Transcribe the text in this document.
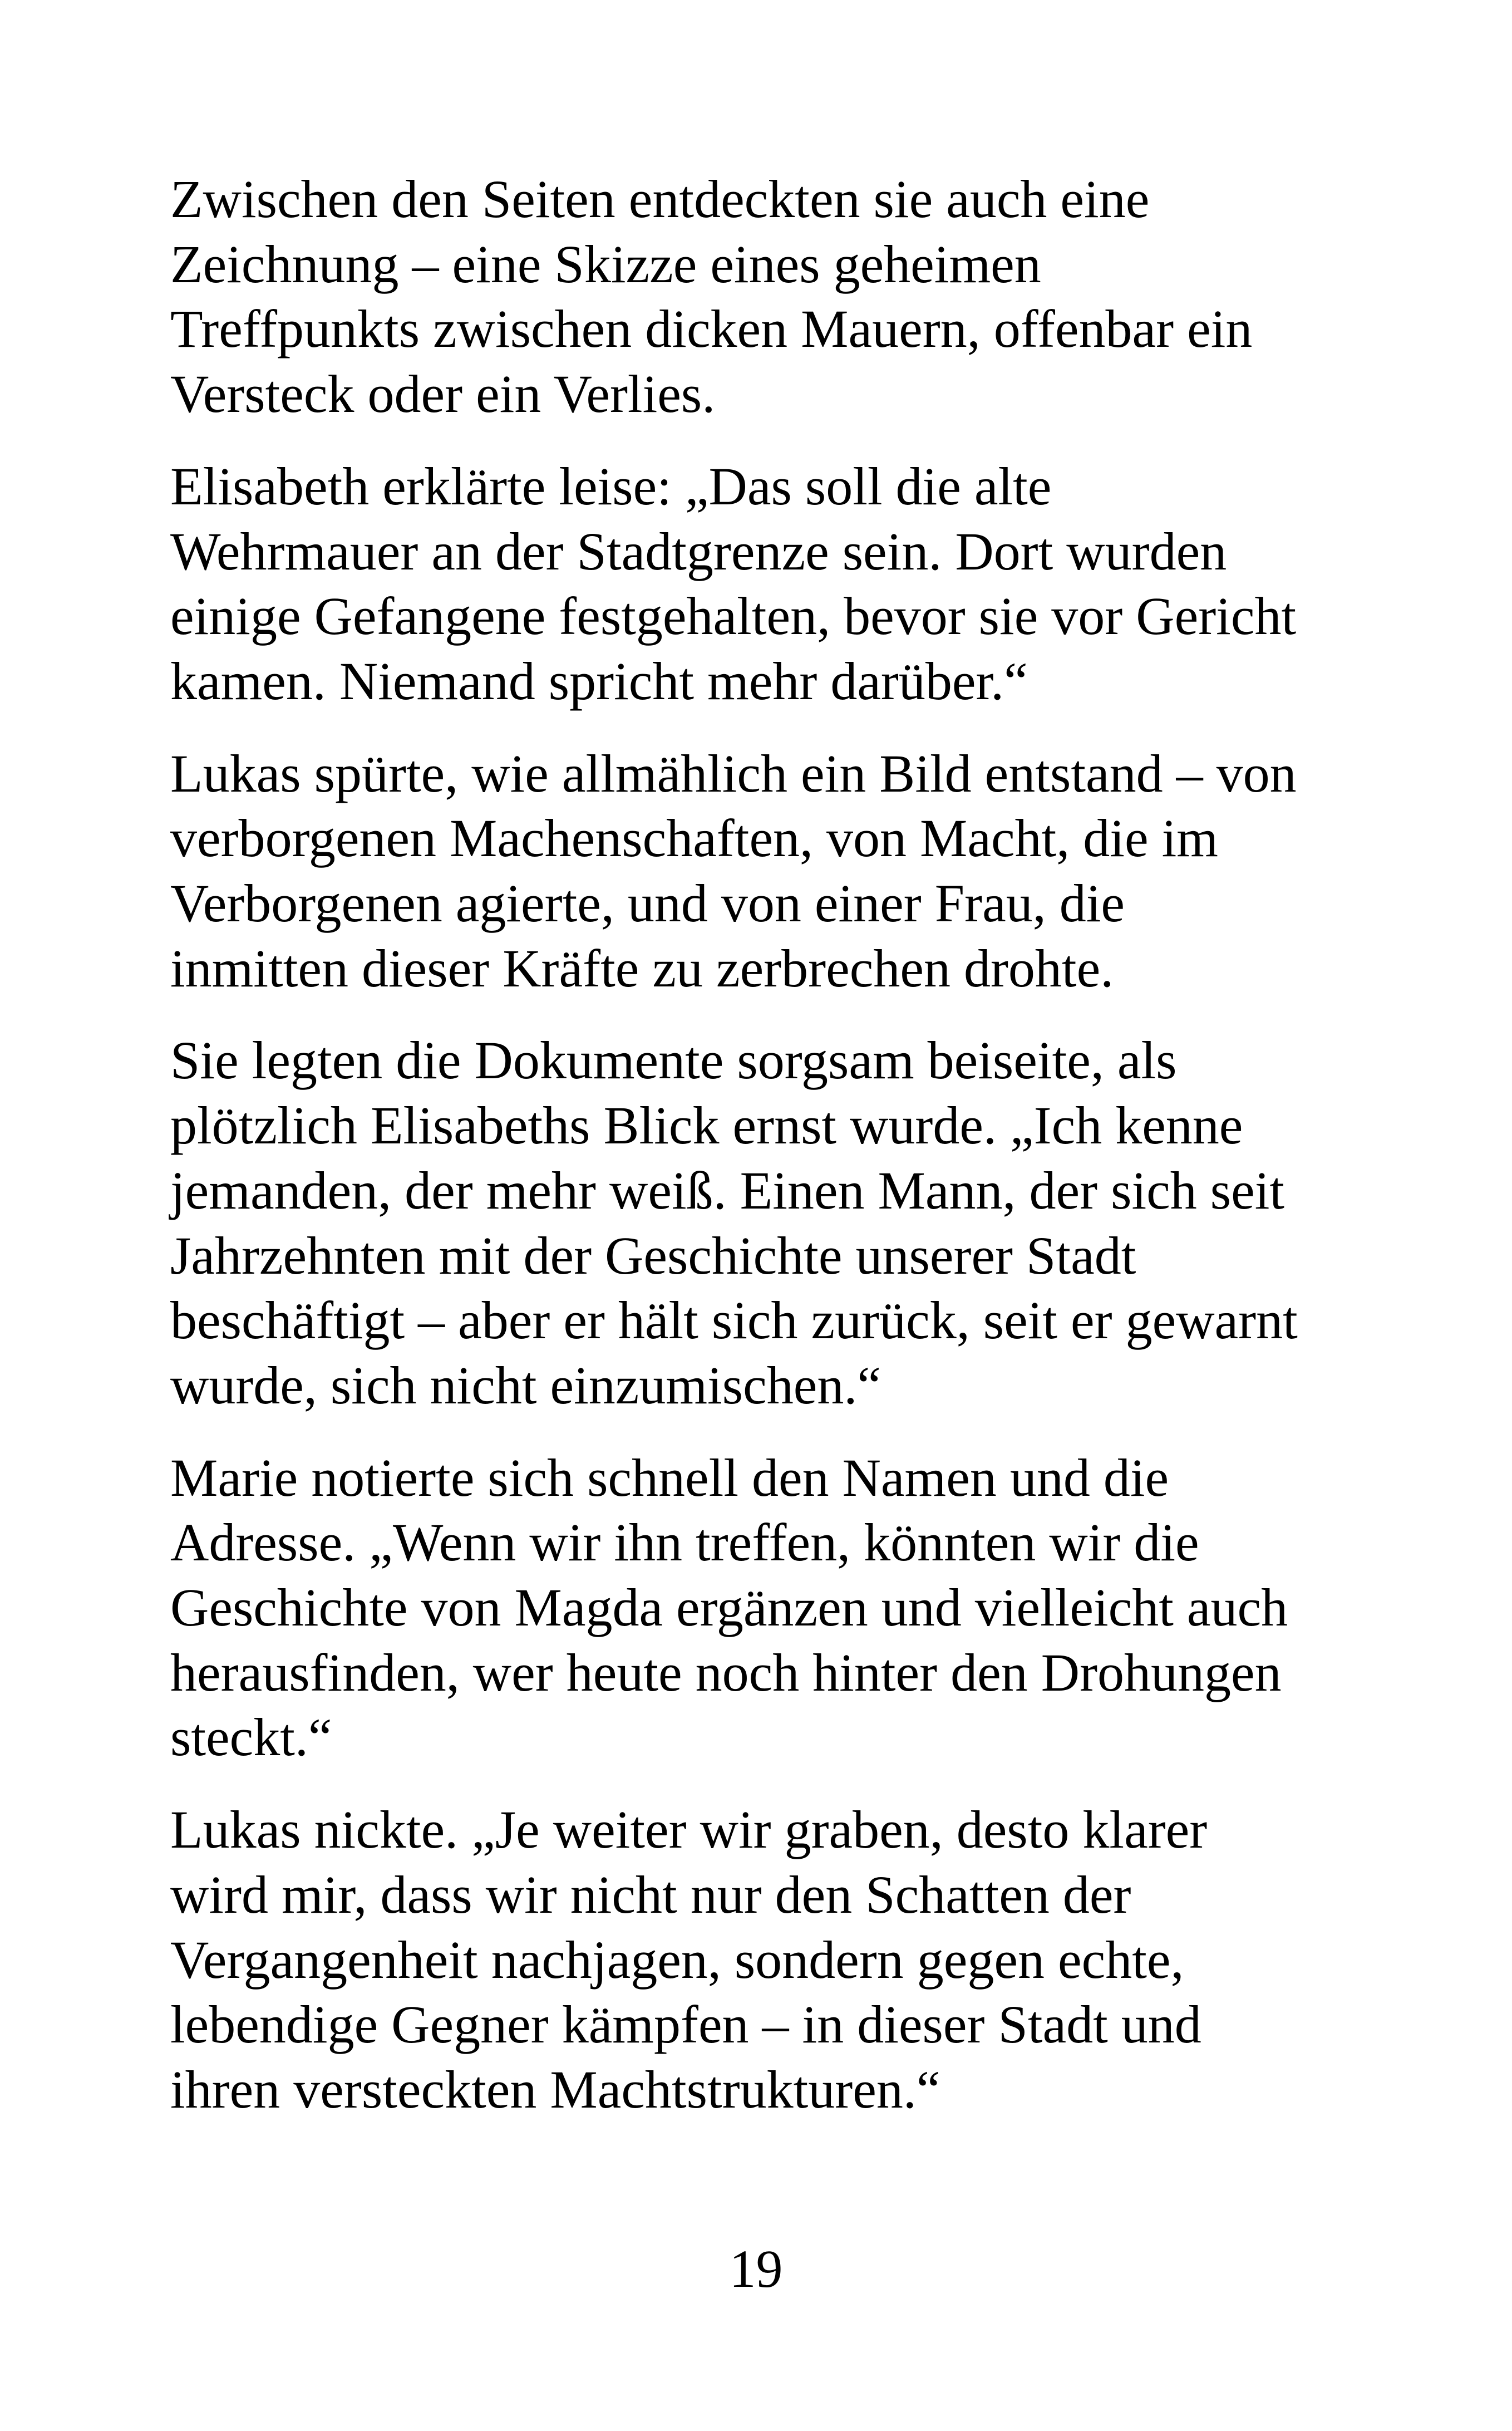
Zwischen den Seiten entdeckten sie auch eine
Zeichnung – eine Skizze eines geheimen
Treffpunkts zwischen dicken Mauern, offenbar ein
Versteck oder ein Verlies.

Elisabeth erklärte leise: „Das soll die alte
Wehrmauer an der Stadtgrenze sein. Dort wurden
einige Gefangene festgehalten, bevor sie vor Gericht
kamen. Niemand spricht mehr darüber.“

Lukas spürte, wie allmählich ein Bild entstand – von
verborgenen Machenschaften, von Macht, die im
Verborgenen agierte, und von einer Frau, die
inmitten dieser Kräfte zu zerbrechen drohte.

Sie legten die Dokumente sorgsam beiseite, als
plötzlich Elisabeths Blick ernst wurde. „Ich kenne
jemanden, der mehr weiß. Einen Mann, der sich seit
Jahrzehnten mit der Geschichte unserer Stadt
beschäftigt – aber er hält sich zurück, seit er gewarnt
wurde, sich nicht einzumischen.“

Marie notierte sich schnell den Namen und die
Adresse. „Wenn wir ihn treffen, könnten wir die
Geschichte von Magda ergänzen und vielleicht auch
herausfinden, wer heute noch hinter den Drohungen
steckt.“

Lukas nickte. „Je weiter wir graben, desto klarer
wird mir, dass wir nicht nur den Schatten der
Vergangenheit nachjagen, sondern gegen echte,
lebendige Gegner kämpfen – in dieser Stadt und
ihren versteckten Machtstrukturen.“

19
